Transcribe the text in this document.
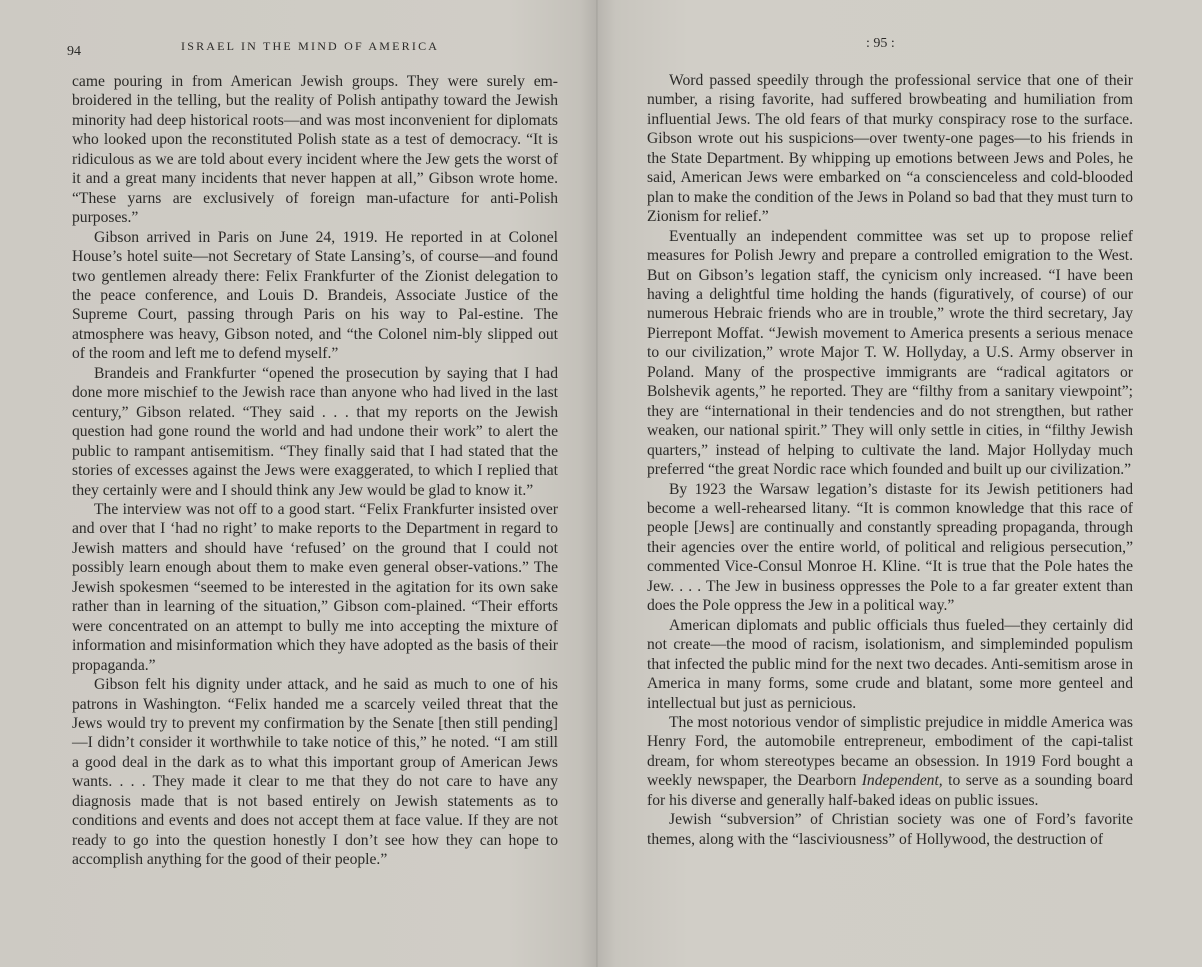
94	ISRAEL IN THE MIND OF AMERICA

came pouring in from American Jewish groups. They were surely em-broidered in the telling, but the reality of Polish antipathy toward the Jewish minority had deep historical roots—and was most inconvenient for diplomats who looked upon the reconstituted Polish state as a test of democracy. “It is ridiculous as we are told about every incident where the Jew gets the worst of it and a great many incidents that never happen at all,” Gibson wrote home. “These yarns are exclusively of foreign man-ufacture for anti-Polish purposes.”

Gibson arrived in Paris on June 24, 1919. He reported in at Colonel House’s hotel suite—not Secretary of State Lansing’s, of course—and found two gentlemen already there: Felix Frankfurter of the Zionist delegation to the peace conference, and Louis D. Brandeis, Associate Justice of the Supreme Court, passing through Paris on his way to Pal-estine. The atmosphere was heavy, Gibson noted, and “the Colonel nim-bly slipped out of the room and left me to defend myself.”

Brandeis and Frankfurter “opened the prosecution by saying that I had done more mischief to the Jewish race than anyone who had lived in the last century,” Gibson related. “They said . . . that my reports on the Jewish question had gone round the world and had undone their work” to alert the public to rampant antisemitism. “They finally said that I had stated that the stories of excesses against the Jews were exaggerated, to which I replied that they certainly were and I should think any Jew would be glad to know it.”

The interview was not off to a good start. “Felix Frankfurter insisted over and over that I ‘had no right’ to make reports to the Department in regard to Jewish matters and should have ‘refused’ on the ground that I could not possibly learn enough about them to make even general obser-vations.” The Jewish spokesmen “seemed to be interested in the agitation for its own sake rather than in learning of the situation,” Gibson com-plained. “Their efforts were concentrated on an attempt to bully me into accepting the mixture of information and misinformation which they have adopted as the basis of their propaganda.”

Gibson felt his dignity under attack, and he said as much to one of his patrons in Washington. “Felix handed me a scarcely veiled threat that the Jews would try to prevent my confirmation by the Senate [then still pending]—I didn’t consider it worthwhile to take notice of this,” he noted. “I am still a good deal in the dark as to what this important group of American Jews wants. . . . They made it clear to me that they do not care to have any diagnosis made that is not based entirely on Jewish statements as to conditions and events and does not accept them at face value. If they are not ready to go into the question honestly I don’t see how they can hope to accomplish anything for the good of their people.”

: 95 :

Word passed speedily through the professional service that one of their number, a rising favorite, had suffered browbeating and humiliation from influential Jews. The old fears of that murky conspiracy rose to the surface. Gibson wrote out his suspicions—over twenty-one pages—to his friends in the State Department. By whipping up emotions between Jews and Poles, he said, American Jews were embarked on “a conscienceless and cold-blooded plan to make the condition of the Jews in Poland so bad that they must turn to Zionism for relief.”

Eventually an independent committee was set up to propose relief measures for Polish Jewry and prepare a controlled emigration to the West. But on Gibson’s legation staff, the cynicism only increased. “I have been having a delightful time holding the hands (figuratively, of course) of our numerous Hebraic friends who are in trouble,” wrote the third secretary, Jay Pierrepont Moffat. “Jewish movement to America presents a serious menace to our civilization,” wrote Major T. W. Hollyday, a U.S. Army observer in Poland. Many of the prospective immigrants are “radical agitators or Bolshevik agents,” he reported. They are “filthy from a sanitary viewpoint”; they are “international in their tendencies and do not strengthen, but rather weaken, our national spirit.” They will only settle in cities, in “filthy Jewish quarters,” instead of helping to cultivate the land. Major Hollyday much preferred “the great Nordic race which founded and built up our civilization.”

By 1923 the Warsaw legation’s distaste for its Jewish petitioners had become a well-rehearsed litany. “It is common knowledge that this race of people [Jews] are continually and constantly spreading propaganda, through their agencies over the entire world, of political and religious persecution,” commented Vice-Consul Monroe H. Kline. “It is true that the Pole hates the Jew. . . . The Jew in business oppresses the Pole to a far greater extent than does the Pole oppress the Jew in a political way.”

American diplomats and public officials thus fueled—they certainly did not create—the mood of racism, isolationism, and simpleminded populism that infected the public mind for the next two decades. Anti-semitism arose in America in many forms, some crude and blatant, some more genteel and intellectual but just as pernicious.

The most notorious vendor of simplistic prejudice in middle America was Henry Ford, the automobile entrepreneur, embodiment of the capi-talist dream, for whom stereotypes became an obsession. In 1919 Ford bought a weekly newspaper, the Dearborn Independent, to serve as a sounding board for his diverse and generally half-baked ideas on public issues.

Jewish “subversion” of Christian society was one of Ford’s favorite themes, along with the “lasciviousness” of Hollywood, the destruction of
